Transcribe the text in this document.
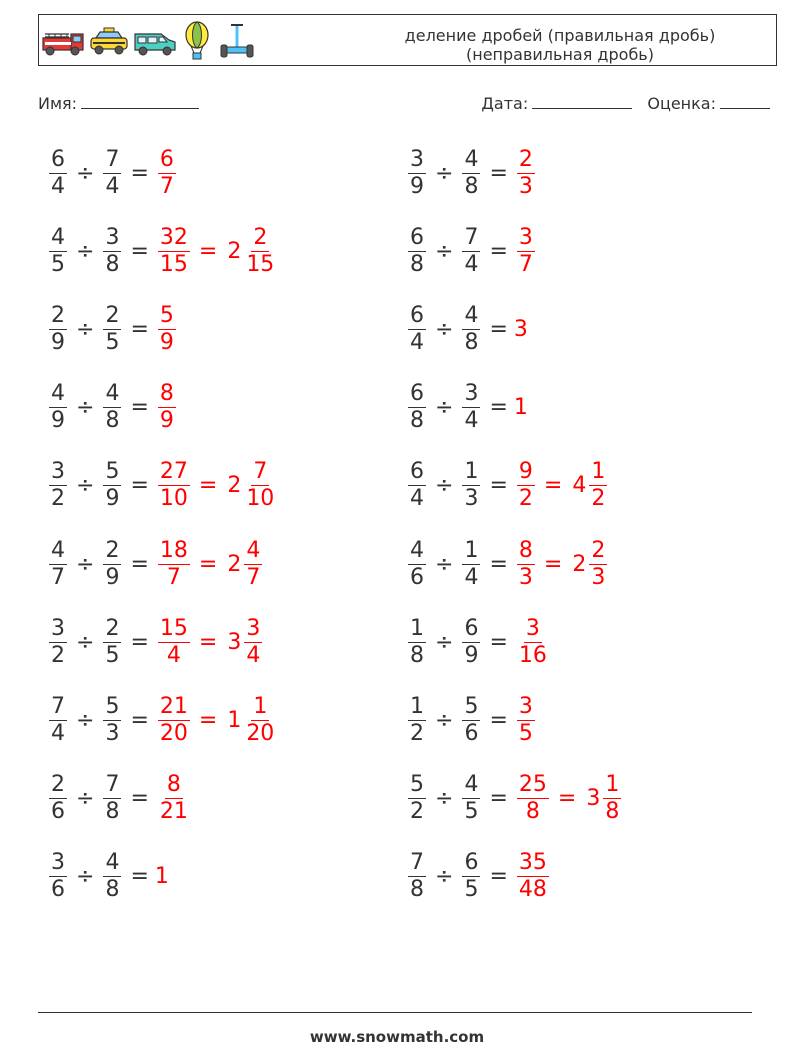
деление дробей (правильная дробь)
(неправильная дробь)
Имя:	Дата:	Оценка:
$\frac{6}{4} \div \frac{7}{4} = \frac{6}{7}$
$\frac{4}{5} \div \frac{3}{8} = \frac{32}{15} = 2 \frac{2}{15}$
$\frac{2}{9} \div \frac{2}{5} = \frac{5}{9}$
$\frac{4}{9} \div \frac{4}{8} = \frac{8}{9}$
$\frac{3}{2} \div \frac{5}{9} = \frac{27}{10} = 2 \frac{7}{10}$
$\frac{4}{7} \div \frac{2}{9} = \frac{18}{7} = 2 \frac{4}{7}$
$\frac{3}{2} \div \frac{2}{5} = \frac{15}{4} = 3 \frac{3}{4}$
$\frac{7}{4} \div \frac{5}{3} = \frac{21}{20} = 1 \frac{1}{20}$
$\frac{2}{6} \div \frac{7}{8} = \frac{8}{21}$
$\frac{3}{6} \div \frac{4}{8} = 1$
$\frac{3}{9} \div \frac{4}{8} = \frac{2}{3}$
$\frac{6}{8} \div \frac{7}{4} = \frac{3}{7}$
$\frac{6}{4} \div \frac{4}{8} = 3$
$\frac{6}{8} \div \frac{3}{4} = 1$
$\frac{6}{4} \div \frac{1}{3} = \frac{9}{2} = 4 \frac{1}{2}$
$\frac{4}{6} \div \frac{1}{4} = \frac{8}{3} = 2 \frac{2}{3}$
$\frac{1}{8} \div \frac{6}{9} = \frac{3}{16}$
$\frac{1}{2} \div \frac{5}{6} = \frac{3}{5}$
$\frac{5}{2} \div \frac{4}{5} = \frac{25}{8} = 3 \frac{1}{8}$
$\frac{7}{8} \div \frac{6}{5} = \frac{35}{48}$
www.snowmath.com
